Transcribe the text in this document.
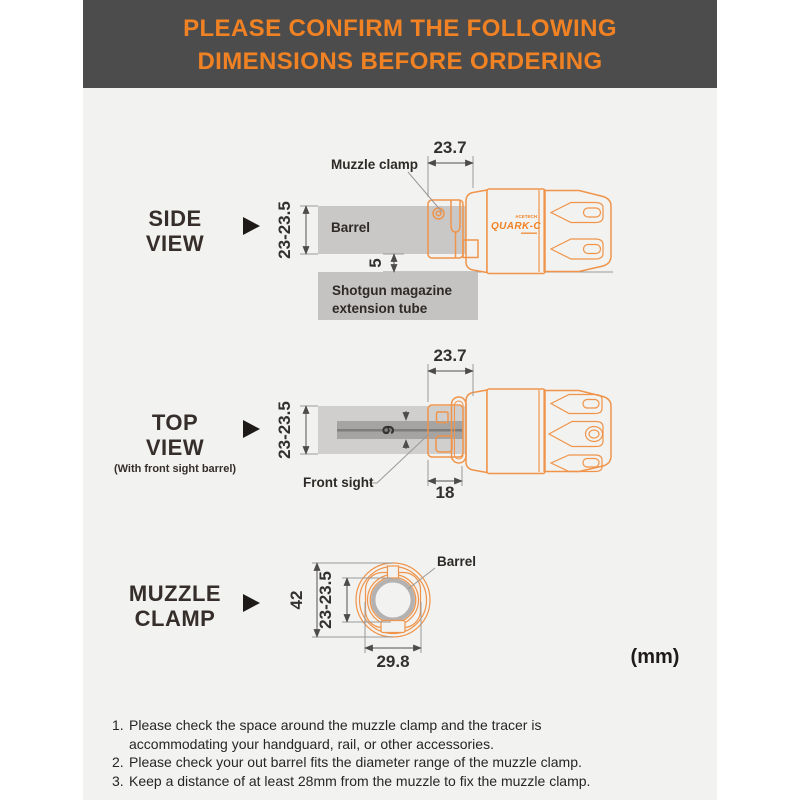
PLEASE CONFIRM THE FOLLOWING
DIMENSIONS BEFORE ORDERING
SIDE
VIEW
TOP
VIEW
(With front sight barrel)
MUZZLE
CLAMP
(mm)
Barrel
Shotgun magazine
extension tube
ACETECH
QUARK-C
23.7
23-23.5
5
Muzzle clamp
23.7
23-23.5	9
18
Front sight
42 23-23.5
29.8
Barrel
1. Please check the space around the muzzle clamp and the tracer is
accommodating your handguard, rail, or other accessories.
2. Please check your out barrel fits the diameter range of the muzzle clamp.
3. Keep a distance of at least 28mm from the muzzle to fix the muzzle clamp.
